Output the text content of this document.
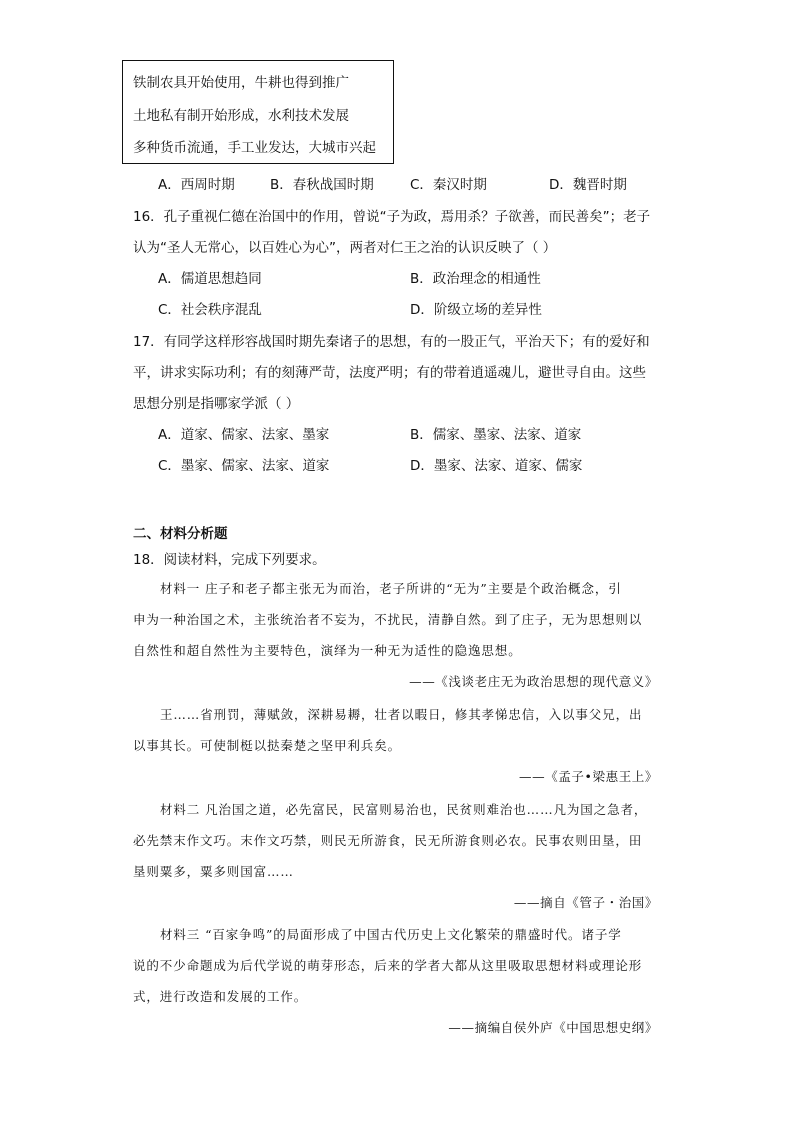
铁制农具开始使用，牛耕也得到推广
土地私有制开始形成，水利技术发展
多种货币流通，手工业发达，大城市兴起
A．西周时期	B．春秋战国时期	C．秦汉时期	D．魏晋时期
16．孔子重视仁德在治国中的作用，曾说“子为政，焉用杀？子欲善，而民善矣”；老子
认为“圣人无常心，以百姓心为心”，两者对仁王之治的认识反映了（ ）
A．儒道思想趋同	B．政治理念的相通性
C．社会秩序混乱	D．阶级立场的差异性
17．有同学这样形容战国时期先秦诸子的思想，有的一股正气，平治天下；有的爱好和
平，讲求实际功利；有的刻薄严苛，法度严明；有的带着逍遥魂儿，避世寻自由。这些
思想分别是指哪家学派（ ）
A．道家、儒家、法家、墨家	B．儒家、墨家、法家、道家
C．墨家、儒家、法家、道家	D．墨家、法家、道家、儒家
二、材料分析题
18．阅读材料，完成下列要求。
材料一 庄子和老子都主张无为而治，老子所讲的“无为”主要是个政治概念，引
申为一种治国之术，主张统治者不妄为，不扰民，清静自然。到了庄子，无为思想则以
自然性和超自然性为主要特色，演绎为一种无为适性的隐逸思想。
——《浅谈老庄无为政治思想的现代意义》
王……省刑罚，薄赋敛，深耕易耨，壮者以暇日，修其孝悌忠信，入以事父兄，出
以事其长。可使制梃以挞秦楚之坚甲利兵矣。
——《孟子•梁惠王上》
材料二 凡治国之道，必先富民，民富则易治也，民贫则难治也……凡为国之急者，
必先禁末作文巧。末作文巧禁，则民无所游食，民无所游食则必农。民事农则田垦，田
垦则粟多，粟多则国富……
——摘自《管子・治国》
材料三 “百家争鸣”的局面形成了中国古代历史上文化繁荣的鼎盛时代。诸子学
说的不少命题成为后代学说的萌芽形态，后来的学者大都从这里吸取思想材料或理论形
式，进行改造和发展的工作。
——摘编自侯外庐《中国思想史纲》
